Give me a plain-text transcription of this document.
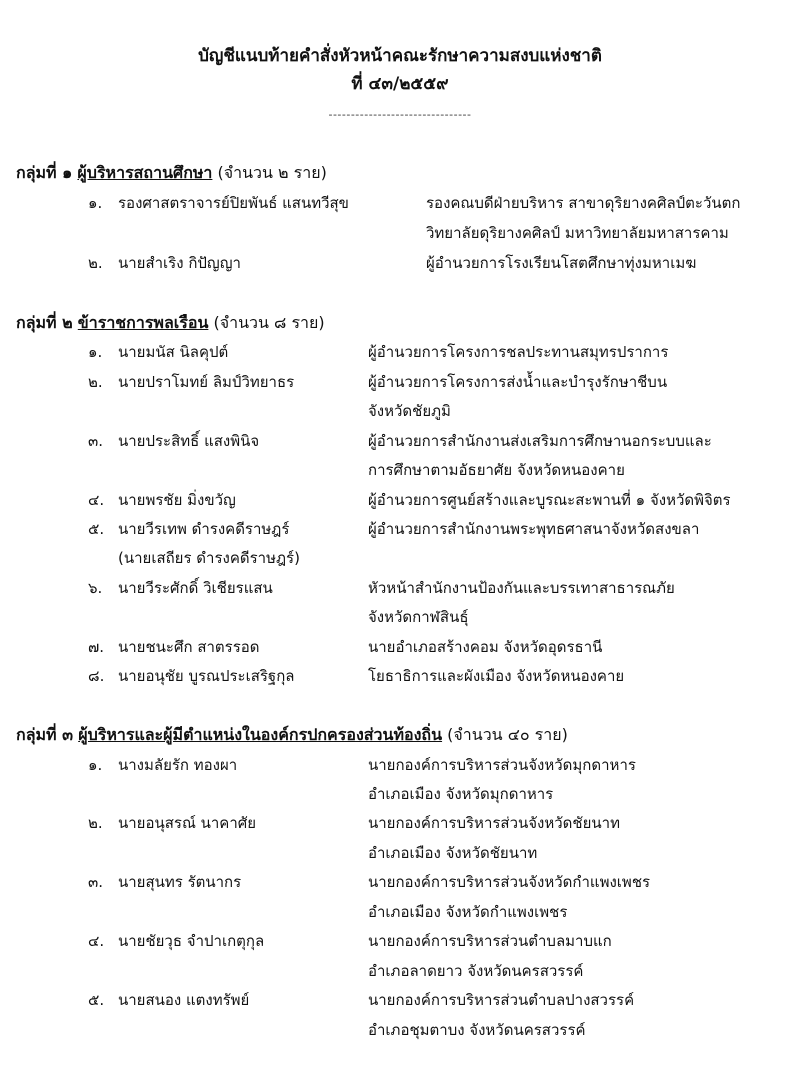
บัญชีแนบท้ายคำสั่งหัวหน้าคณะรักษาความสงบแห่งชาติ
ที่ ๔๓/๒๕๕๙
--------------------------------
กลุ่มที่ ๑ ผู้บริหารสถานศึกษา (จำนวน ๒ ราย)
๑.	รองศาสตราจารย์ปิยพันธ์ แสนทวีสุข	รองคณบดีฝ่ายบริหาร สาขาดุริยางคศิลป์ตะวันตก
วิทยาลัยดุริยางคศิลป์ มหาวิทยาลัยมหาสารคาม
๒.	นายสำเริง กิปัญญา	ผู้อำนวยการโรงเรียนโสตศึกษาทุ่งมหาเมฆ
กลุ่มที่ ๒ ข้าราชการพลเรือน (จำนวน ๘ ราย)
๑.	นายมนัส นิลคุปต์	ผู้อำนวยการโครงการชลประทานสมุทรปราการ
๒.	นายปราโมทย์ ลิมป์วิทยาธร	ผู้อำนวยการโครงการส่งน้ำและบำรุงรักษาชีบน
จังหวัดชัยภูมิ
๓. นายประสิทธิ์ แสงพินิจ	ผู้อำนวยการสำนักงานส่งเสริมการศึกษานอกระบบและ
การศึกษาตามอัธยาศัย จังหวัดหนองคาย
๔. นายพรชัย มิ่งขวัญ	ผู้อำนวยการศูนย์สร้างและบูรณะสะพานที่ ๑ จังหวัดพิจิตร
๕. นายวีรเทพ ดำรงคดีราษฎร์	ผู้อำนวยการสำนักงานพระพุทธศาสนาจังหวัดสงขลา
(นายเสถียร ดำรงคดีราษฎร์)
๖.	นายวีระศักดิ์ วิเชียรแสน	หัวหน้าสำนักงานป้องกันและบรรเทาสาธารณภัย
จังหวัดกาฬสินธุ์
๗. นายชนะศึก สาตรรอด	นายอำเภอสร้างคอม จังหวัดอุดรธานี
๘. นายอนุชัย บูรณประเสริฐกุล	โยธาธิการและผังเมือง จังหวัดหนองคาย
กลุ่มที่ ๓ ผู้บริหารและผู้มีตำแหน่งในองค์กรปกครองส่วนท้องถิ่น (จำนวน ๔๐ ราย)
๑.	นางมลัยรัก ทองผา	นายกองค์การบริหารส่วนจังหวัดมุกดาหาร
อำเภอเมือง จังหวัดมุกดาหาร
๒.	นายอนุสรณ์ นาคาศัย	นายกองค์การบริหารส่วนจังหวัดชัยนาท
อำเภอเมือง จังหวัดชัยนาท
๓. นายสุนทร รัตนากร	นายกองค์การบริหารส่วนจังหวัดกำแพงเพชร
อำเภอเมือง จังหวัดกำแพงเพชร
๔. นายชัยวุธ จำปาเกตุกุล	นายกองค์การบริหารส่วนตำบลมาบแก
อำเภอลาดยาว จังหวัดนครสวรรค์
๕. นายสนอง แตงทรัพย์	นายกองค์การบริหารส่วนตำบลปางสวรรค์
อำเภอชุมตาบง จังหวัดนครสวรรค์
